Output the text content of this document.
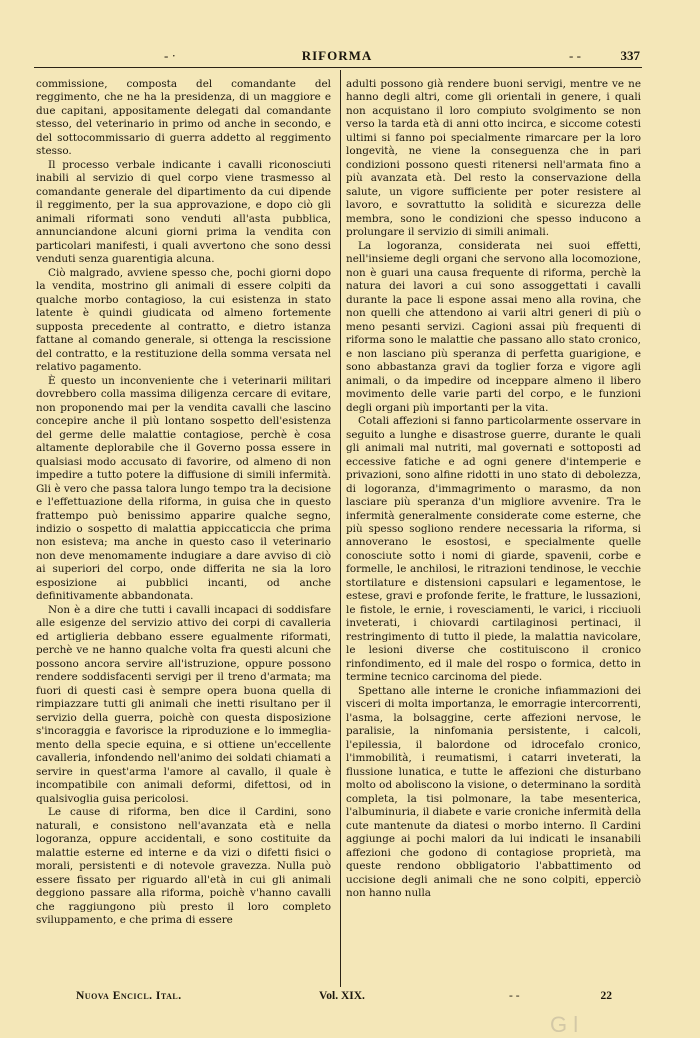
- ·	RIFORMA	- -	337

commissione, composta del comandante del reggimento, che ne ha la presidenza, di un maggiore e due capitani, appositamente delegati dal comandante stesso, del veterinario in primo od anche in secondo, e del sottocommissario di guerra addetto al reggimento stesso.

Il processo verbale indicante i cavalli riconosciuti inabili al servizio di quel corpo viene trasmesso al comandante generale del dipartimento da cui dipende il reggimento, per la sua approvazione, e dopo ciò gli animali riformati sono venduti all'asta pubblica, annunciandone alcuni giorni prima la vendita con particolari manifesti, i quali avvertono che sono dessi venduti senza guarentigia alcuna.

Ciò malgrado, avviene spesso che, pochi giorni dopo la vendita, mostrino gli animali di essere colpiti da qualche morbo contagioso, la cui esistenza in stato latente è quindi giudicata od almeno fortemente supposta precedente al contratto, e dietro istanza fattane al comando generale, si ottenga la rescissione del contratto, e la restituzione della somma versata nel relativo pagamento.

È questo un inconveniente che i veterinarii militari dovrebbero colla massima diligenza cercare di evitare, non proponendo mai per la vendita cavalli che lascino concepire anche il più lontano sospetto dell'esistenza del germe delle malattie contagiose, perchè è cosa altamente deplorabile che il Governo possa essere in qualsiasi modo accusato di favorire, od almeno di non impedire a tutto potere la diffusione di simili infermità. Gli è vero che passa talora lungo tempo tra la decisione e l'effettuazione della riforma, in guisa che in questo frattempo può benissimo apparire qualche segno, indizio o sospetto di malattia appiccaticcia che prima non esisteva; ma anche in questo caso il veterinario non deve menomamente indugiare a dare avviso di ciò ai superiori del corpo, onde differita ne sia la loro esposizione ai pubblici incanti, od anche definitivamente abbandonata.

Non è a dire che tutti i cavalli incapaci di soddisfare alle esigenze del servizio attivo dei corpi di cavalleria ed artiglieria debbano essere egualmente riformati, perchè ve ne hanno qualche volta fra questi alcuni che possono ancora servire all'istruzione, oppure possono rendere soddisfacenti servigi per il treno d'armata; ma fuori di questi casi è sempre opera buona quella di rimpiazzare tutti gli animali che inetti risultano per il servizio della guerra, poichè con questa disposizione s'incoraggia e favorisce la riproduzione e lo immeglia-mento della specie equina, e si ottiene un'eccellente cavalleria, infondendo nell'animo dei soldati chiamati a servire in quest'arma l'amore al cavallo, il quale è incompatibile con animali deformi, difettosi, od in qualsivoglia guisa pericolosi.

Le cause di riforma, ben dice il Cardini, sono naturali, e consistono nell'avanzata età e nella logoranza, oppure accidentali, e sono costituite da malattie esterne ed interne e da vizi o difetti fisici o morali, persistenti e di notevole gravezza. Nulla può essere fissato per riguardo all'età in cui gli animali deggiono passare alla riforma, poichè v'hanno cavalli che raggiungono più presto il loro completo sviluppamento, e che prima di essere

adulti possono già rendere buoni servigi, mentre ve ne hanno degli altri, come gli orientali in genere, i quali non acquistano il loro compiuto svolgimento se non verso la tarda età di anni otto incirca, e siccome cotesti ultimi si fanno poi specialmente rimarcare per la loro longevità, ne viene la conseguenza che in pari condizioni possono questi ritenersi nell'armata fino a più avanzata età. Del resto la conservazione della salute, un vigore sufficiente per poter resistere al lavoro, e sovrattutto la solidità e sicurezza delle membra, sono le condizioni che spesso inducono a prolungare il servizio di simili animali.

La logoranza, considerata nei suoi effetti, nell'insieme degli organi che servono alla locomozione, non è guari una causa frequente di riforma, perchè la natura dei lavori a cui sono assoggettati i cavalli durante la pace li espone assai meno alla rovina, che non quelli che attendono ai varii altri generi di più o meno pesanti servizi. Cagioni assai più frequenti di riforma sono le malattie che passano allo stato cronico, e non lasciano più speranza di perfetta guarigione, e sono abbastanza gravi da toglier forza e vigore agli animali, o da impedire od inceppare almeno il libero movimento delle varie parti del corpo, e le funzioni degli organi più importanti per la vita.

Cotali affezioni si fanno particolarmente osservare in seguito a lunghe e disastrose guerre, durante le quali gli animali mal nutriti, mal governati e sottoposti ad eccessive fatiche e ad ogni genere d'intemperie e privazioni, sono alfine ridotti in uno stato di debolezza, di logoranza, d'immagrimento o marasmo, da non lasciare più speranza d'un migliore avvenire. Tra le infermità generalmente considerate come esterne, che più spesso sogliono rendere necessaria la riforma, si annoverano le esostosi, e specialmente quelle conosciute sotto i nomi di giarde, spavenii, corbe e formelle, le anchilosi, le ritrazioni tendinose, le vecchie stortilature e distensioni capsulari e legamentose, le estese, gravi e profonde ferite, le fratture, le lussazioni, le fistole, le ernie, i rovesciamenti, le varici, i ricciuoli inveterati, i chiovardi cartilaginosi pertinaci, il restringimento di tutto il piede, la malattia navicolare, le lesioni diverse che costituiscono il cronico rinfondimento, ed il male del rospo o formica, detto in termine tecnico carcinoma del piede.

Spettano alle interne le croniche infiammazioni dei visceri di molta importanza, le emorragie intercorrenti, l'asma, la bolsaggine, certe affezioni nervose, le paralisie, la ninfomania persistente, i calcoli, l'epilessia, il balordone od idrocefalo cronico, l'immobilità, i reumatismi, i catarri inveterati, la flussione lunatica, e tutte le affezioni che disturbano molto od aboliscono la visione, o determinano la sordità completa, la tisi polmonare, la tabe mesenterica, l'albuminuria, il diabete e varie croniche infermità della cute mantenute da diatesi o morbo interno. Il Cardini aggiunge ai pochi malori da lui indicati le insanabili affezioni che godono di contagiose proprietà, ma queste rendono obbligatorio l'abbattimento od uccisione degli animali che ne sono colpiti, epperciò non hanno nulla

Nuova Encicl. Ital.	Vol. XIX.	- -	22
G l
